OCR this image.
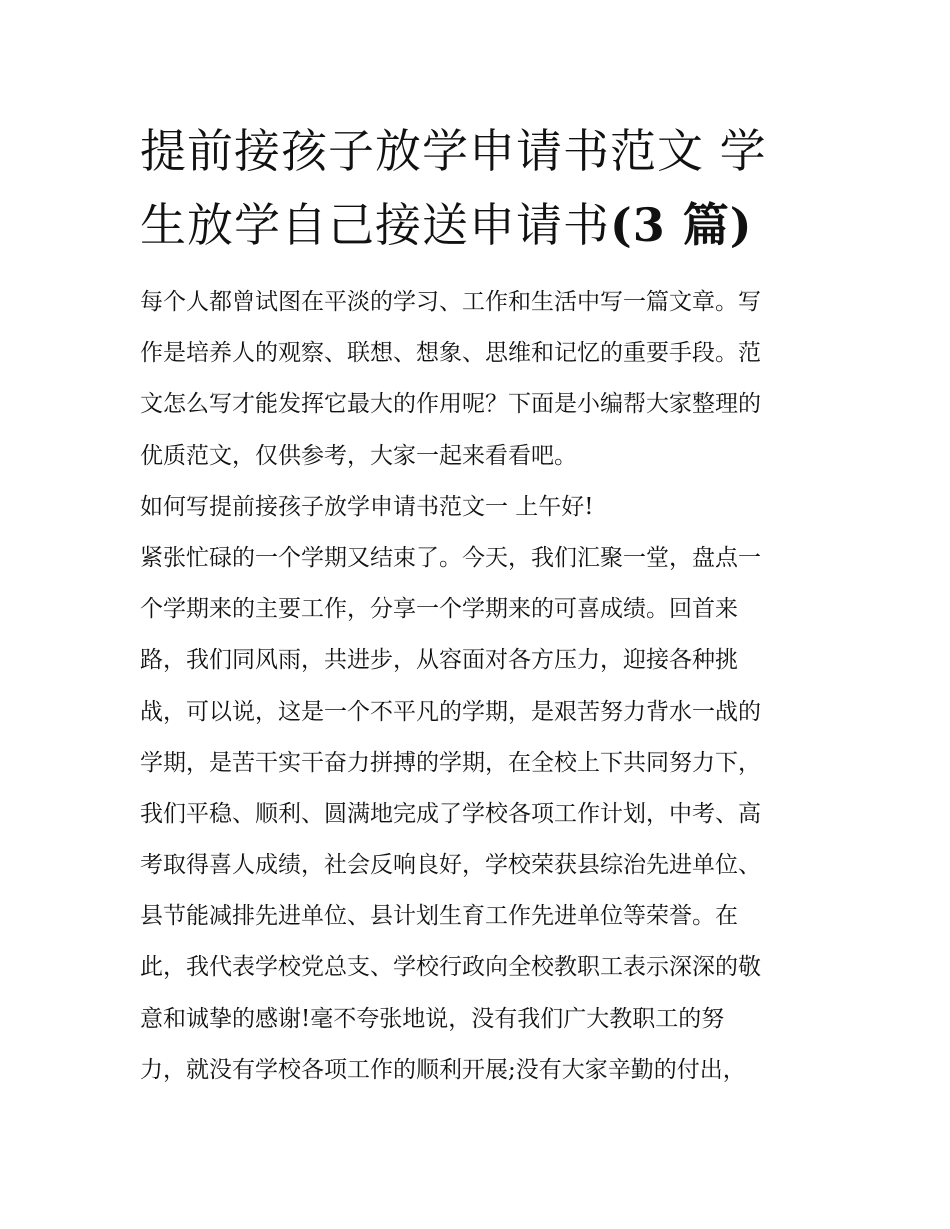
提前接孩子放学申请书范文 学
生放学自己接送申请书(3 篇)

每个人都曾试图在平淡的学习、工作和生活中写一篇文章。写

作是培养人的观察、联想、想象、思维和记忆的重要手段。范

文怎么写才能发挥它最大的作用呢？下面是小编帮大家整理的

优质范文，仅供参考，大家一起来看看吧。

如何写提前接孩子放学申请书范文一 上午好!

紧张忙碌的一个学期又结束了。今天，我们汇聚一堂，盘点一

个学期来的主要工作，分享一个学期来的可喜成绩。回首来

路，我们同风雨，共进步，从容面对各方压力，迎接各种挑

战，可以说，这是一个不平凡的学期，是艰苦努力背水一战的

学期，是苦干实干奋力拼搏的学期，在全校上下共同努力下，

我们平稳、顺利、圆满地完成了学校各项工作计划，中考、高

考取得喜人成绩，社会反响良好，学校荣获县综治先进单位、

县节能减排先进单位、县计划生育工作先进单位等荣誉。在

此，我代表学校党总支、学校行政向全校教职工表示深深的敬

意和诚挚的感谢!毫不夸张地说，没有我们广大教职工的努

力，就没有学校各项工作的顺利开展;没有大家辛勤的付出，
